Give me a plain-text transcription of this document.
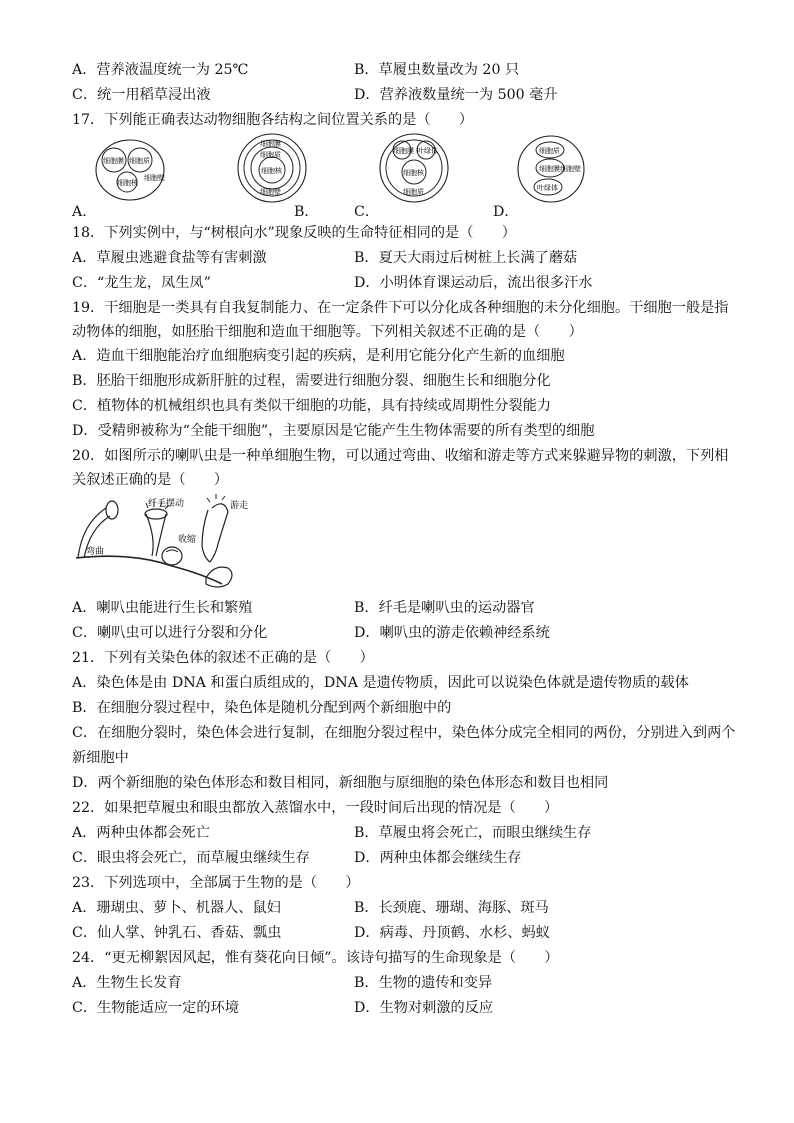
A．营养液温度统一为 25℃	B．草履虫数量改为 20 只
C．统一用稻草浸出液	D．营养液数量统一为 500 毫升
17．下列能正确表达动物细胞各结构之间位置关系的是（　　）
A．	B． C．	D．
细胞膜 细胞质
细胞核
细胞壁
细胞膜
细胞质
细胞核
细胞壁
细胞膜 叶绿体
细胞核
细胞质
细胞质
细胞膜 细胞壁
叶绿体
18．下列实例中，与“树根向水”现象反映的生命特征相同的是（　　）
A．草履虫逃避食盐等有害刺激	B．夏天大雨过后树桩上长满了蘑菇
C．“龙生龙，凤生凤”	D．小明体育课运动后，流出很多汗水
19．干细胞是一类具有自我复制能力、在一定条件下可以分化成各种细胞的未分化细胞。干细胞一般是指
动物体的细胞，如胚胎干细胞和造血干细胞等。下列相关叙述不正确的是（　　）
A．造血干细胞能治疗血细胞病变引起的疾病，是利用它能分化产生新的血细胞
B．胚胎干细胞形成新肝脏的过程，需要进行细胞分裂、细胞生长和细胞分化
C．植物体的机械组织也具有类似干细胞的功能，具有持续或周期性分裂能力
D．受精卵被称为“全能干细胞”，主要原因是它能产生生物体需要的所有类型的细胞
20．如图所示的喇叭虫是一种单细胞生物，可以通过弯曲、收缩和游走等方式来躲避异物的刺激，下列相
关叙述正确的是（　　）
弯曲
纤毛摆动
收缩
游走
A．喇叭虫能进行生长和繁殖	B．纤毛是喇叭虫的运动器官
C．喇叭虫可以进行分裂和分化	D．喇叭虫的游走依赖神经系统
21．下列有关染色体的叙述不正确的是（　　）
A．染色体是由 DNA 和蛋白质组成的，DNA 是遗传物质，因此可以说染色体就是遗传物质的载体
B．在细胞分裂过程中，染色体是随机分配到两个新细胞中的
C．在细胞分裂时，染色体会进行复制，在细胞分裂过程中，染色体分成完全相同的两份，分别进入到两个
新细胞中
D．两个新细胞的染色体形态和数目相同，新细胞与原细胞的染色体形态和数目也相同
22．如果把草履虫和眼虫都放入蒸馏水中，一段时间后出现的情况是（　　）
A．两种虫体都会死亡	B．草履虫将会死亡，而眼虫继续生存
C．眼虫将会死亡，而草履虫继续生存	D．两种虫体都会继续生存
23．下列选项中，全部属于生物的是（　　）
A．珊瑚虫、萝卜、机器人、鼠妇	B．长颈鹿、珊瑚、海豚、斑马
C．仙人掌、钟乳石、香菇、瓢虫	D．病毒、丹顶鹤、水杉、蚂蚁
24．“更无柳絮因风起，惟有葵花向日倾”。该诗句描写的生命现象是（　　）
A．生物生长发育	B．生物的遗传和变异
C．生物能适应一定的环境	D．生物对刺激的反应
